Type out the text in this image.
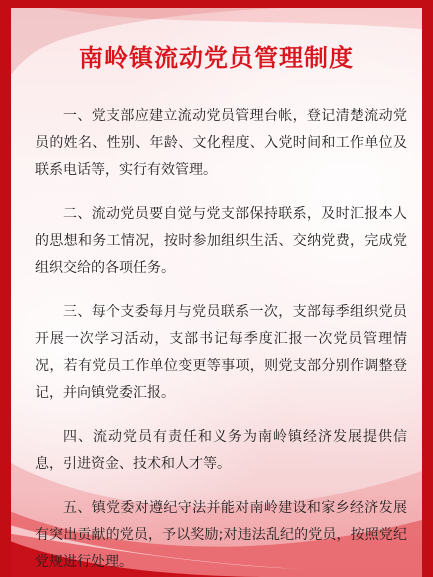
南岭镇流动党员管理制度

一、党支部应建立流动党员管理台帐，登记清楚流动党员的姓名、性别、年龄、文化程度、入党时间和工作单位及联系电话等，实行有效管理。

二、流动党员要自觉与党支部保持联系，及时汇报本人的思想和务工情况，按时参加组织生活、交纳党费，完成党组织交给的各项任务。

三、每个支委每月与党员联系一次，支部每季组织党员开展一次学习活动，支部书记每季度汇报一次党员管理情况，若有党员工作单位变更等事项，则党支部分别作调整登记，并向镇党委汇报。

四、流动党员有责任和义务为南岭镇经济发展提供信息，引进资金、技术和人才等。

五、镇党委对遵纪守法并能对南岭建设和家乡经济发展有突出贡献的党员，予以奖励;对违法乱纪的党员，按照党纪党规进行处理。
